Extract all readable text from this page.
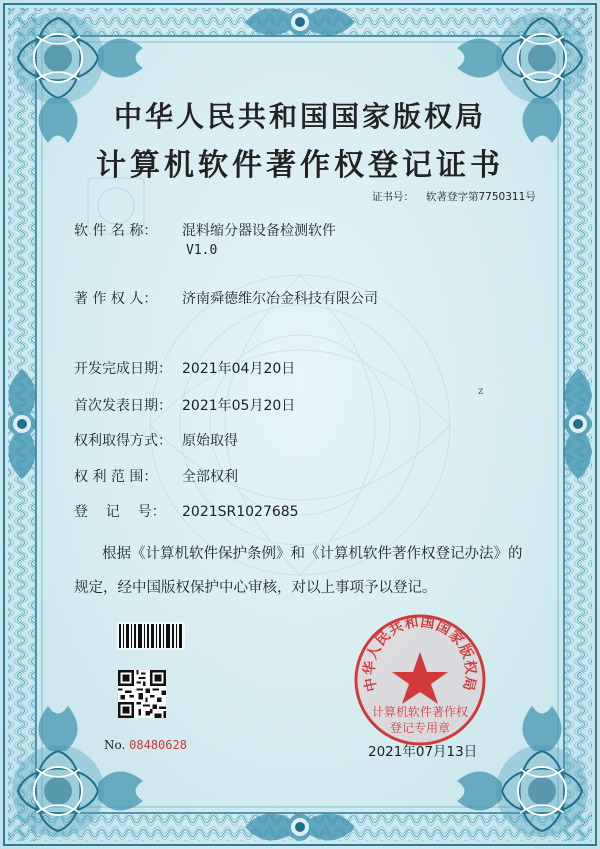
中华人民共和国国家版权局
计算机软件著作权登记证书
证书号： 软著登字第7750311号
软 件 名 称： 混料缩分器设备检测软件
V1.0
著 作 权 人： 济南舜德维尔冶金科技有限公司
开发完成日期： 2021年04月20日
首次发表日期： 2021年05月20日
权利取得方式： 原始取得
权 利 范 围： 全部权利
登    记    号： 2021SR1027685
z
根据《计算机软件保护条例》和《计算机软件著作权登记办法》的
规定，经中国版权保护中心审核，对以上事项予以登记。
No. 08480628
中华人民共和国国家版权局
计算机软件著作权
登记专用章
2021年07月13日
